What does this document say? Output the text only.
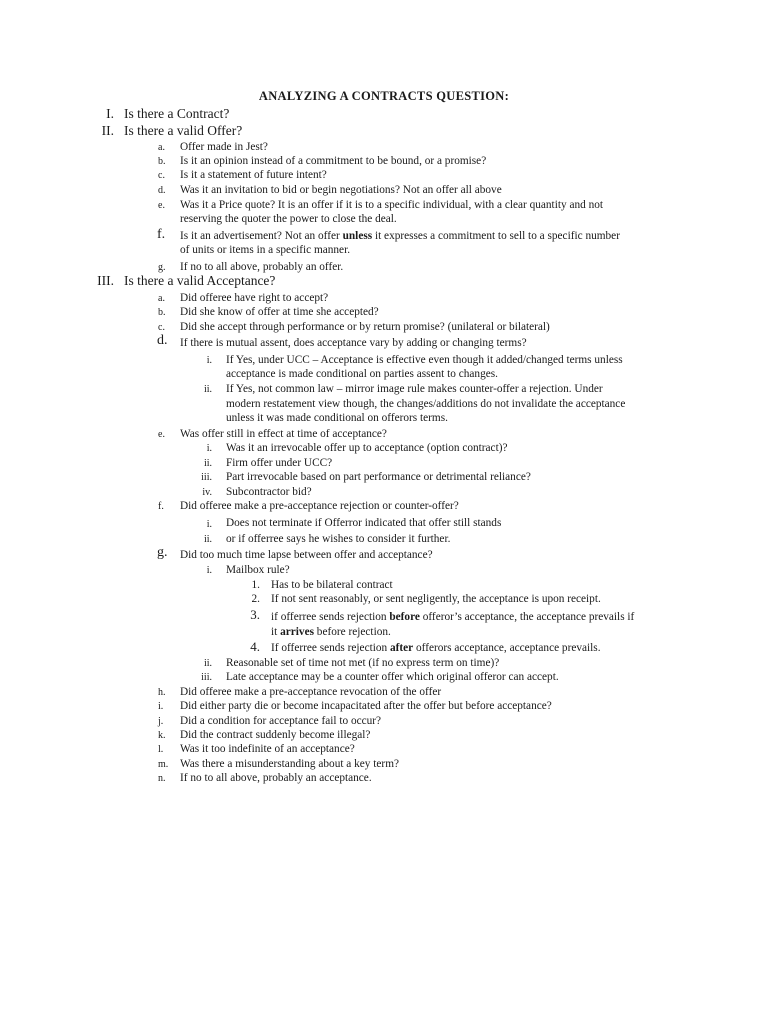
ANALYZING A CONTRACTS QUESTION:
I. Is there a Contract?
II. Is there a valid Offer?
a.	Offer made in Jest?
b.	Is it an opinion instead of a commitment to be bound, or a promise?
c.	Is it a statement of future intent?
d.	Was it an invitation to bid or begin negotiations? Not an offer all above
e.	Was it a Price quote? It is an offer if it is to a specific individual, with a clear quantity and not
reserving the quoter the power to close the deal.
f.	Is it an advertisement? Not an offer unless it expresses a commitment to sell to a specific number
of units or items in a specific manner.
g.	If no to all above, probably an offer.
III. Is there a valid Acceptance?
a.	Did offeree have right to accept?
b.	Did she know of offer at time she accepted?
c.	Did she accept through performance or by return promise? (unilateral or bilateral)
d.	If there is mutual assent, does acceptance vary by adding or changing terms?
i. If Yes, under UCC – Acceptance is effective even though it added/changed terms unless
acceptance is made conditional on parties assent to changes.
ii. If Yes, not common law – mirror image rule makes counter-offer a rejection. Under
modern restatement view though, the changes/additions do not invalidate the acceptance
unless it was made conditional on offerors terms.
e.	Was offer still in effect at time of acceptance?
i. Was it an irrevocable offer up to acceptance (option contract)?
ii. Firm offer under UCC?
iii. Part irrevocable based on part performance or detrimental reliance?
iv. Subcontractor bid?
f.	Did offeree make a pre-acceptance rejection or counter-offer?
i. Does not terminate if Offerror indicated that offer still stands
ii. or if offerree says he wishes to consider it further.
g.	Did too much time lapse between offer and acceptance?
i. Mailbox rule?
1. Has to be bilateral contract
2. If not sent reasonably, or sent negligently, the acceptance is upon receipt.
3. if offerree sends rejection before offeror’s acceptance, the acceptance prevails if
it arrives before rejection.
4. If offerree sends rejection after offerors acceptance, acceptance prevails.
ii. Reasonable set of time not met (if no express term on time)?
iii. Late acceptance may be a counter offer which original offeror can accept.
h.	Did offeree make a pre-acceptance revocation of the offer
i.	Did either party die or become incapacitated after the offer but before acceptance?
j.	Did a condition for acceptance fail to occur?
k.	Did the contract suddenly become illegal?
l.	Was it too indefinite of an acceptance?
m.	Was there a misunderstanding about a key term?
n.	If no to all above, probably an acceptance.
